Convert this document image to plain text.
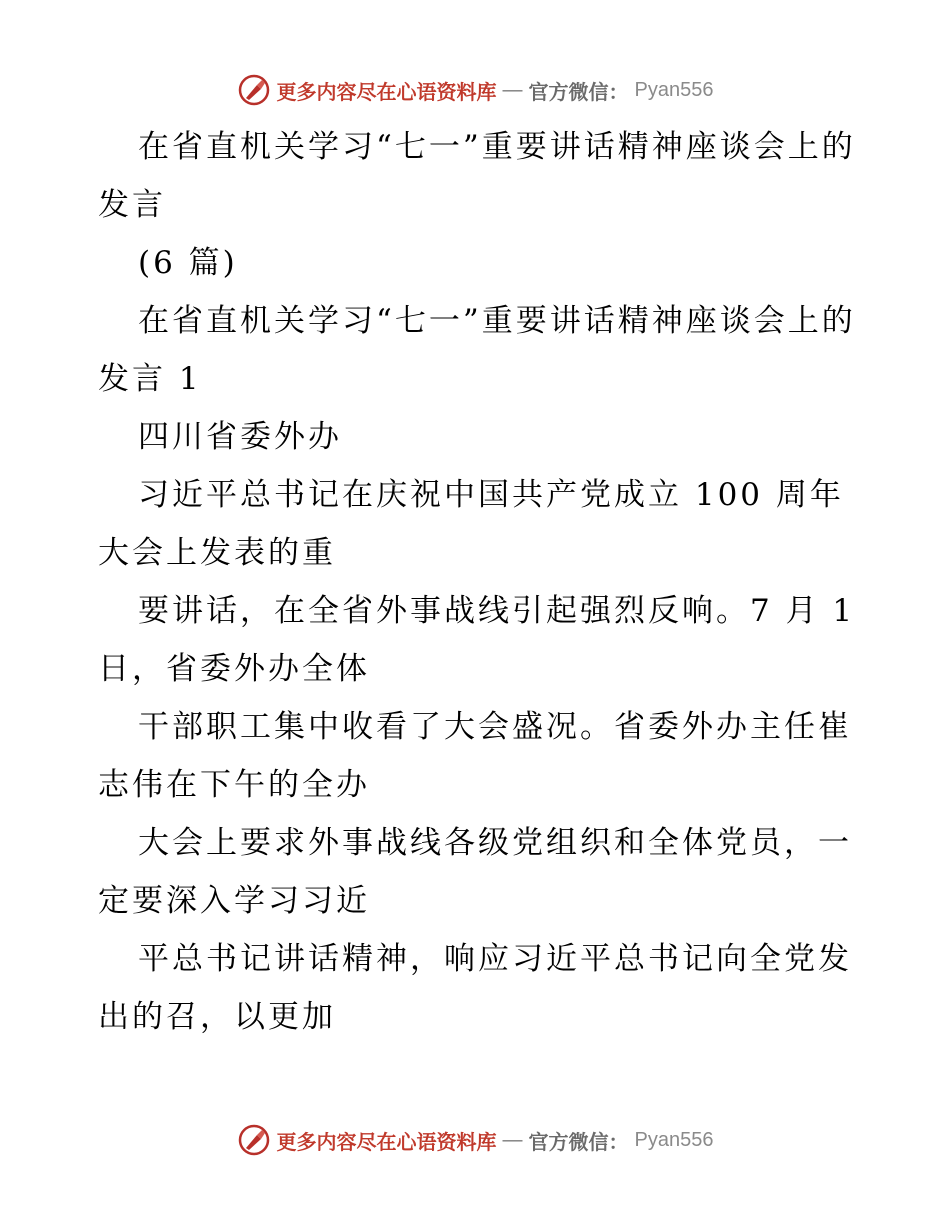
更多内容尽在心语资料库 — 官方微信： Pyan556

在省直机关学习“七一”重要讲话精神座谈会上的发言

(6 篇)

在省直机关学习“七一”重要讲话精神座谈会上的发言 1

四川省委外办

习近平总书记在庆祝中国共产党成立 100 周年大会上发表的重

要讲话，在全省外事战线引起强烈反响。7 月 1 日，省委外办全体

干部职工集中收看了大会盛况。省委外办主任崔志伟在下午的全办

大会上要求外事战线各级党组织和全体党员，一定要深入学习习近

平总书记讲话精神，响应习近平总书记向全党发出的召，以更加

更多内容尽在心语资料库 — 官方微信： Pyan556
